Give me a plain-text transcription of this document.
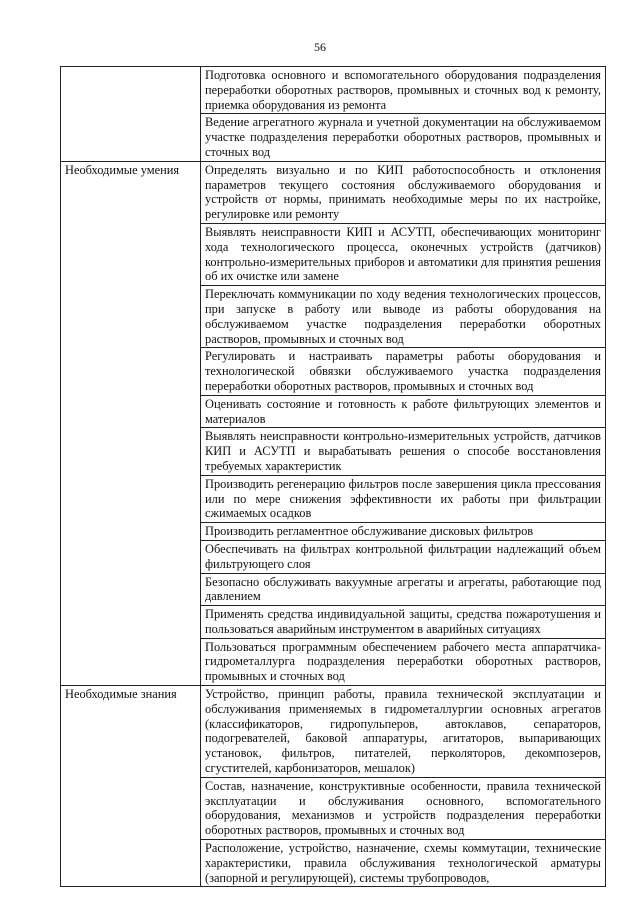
56
	Подготовка основного и вспомогательного оборудования подразделения переработки оборотных растворов, промывных и сточных вод к ремонту, приемка оборудования из ремонта
	Ведение агрегатного журнала и учетной документации на обслуживаемом участке подразделения переработки оборотных растворов, промывных и сточных вод
Необходимые умения	Определять визуально и по КИП работоспособность и отклонения параметров текущего состояния обслуживаемого оборудования и устройств от нормы, принимать необходимые меры по их настройке, регулировке или ремонту
	Выявлять неисправности КИП и АСУТП, обеспечивающих мониторинг хода технологического процесса, оконечных устройств (датчиков) контрольно-измерительных приборов и автоматики для принятия решения об их очистке или замене
	Переключать коммуникации по ходу ведения технологических процессов, при запуске в работу или выводе из работы оборудования на обслуживаемом участке подразделения переработки оборотных растворов, промывных и сточных вод
	Регулировать и настраивать параметры работы оборудования и технологической обвязки обслуживаемого участка подразделения переработки оборотных растворов, промывных и сточных вод
	Оценивать состояние и готовность к работе фильтрующих элементов и материалов
	Выявлять неисправности контрольно-измерительных устройств, датчиков КИП и АСУТП и вырабатывать решения о способе восстановления требуемых характеристик
	Производить регенерацию фильтров после завершения цикла прессования или по мере снижения эффективности их работы при фильтрации сжимаемых осадков
	Производить регламентное обслуживание дисковых фильтров
	Обеспечивать на фильтрах контрольной фильтрации надлежащий объем фильтрующего слоя
	Безопасно обслуживать вакуумные агрегаты и агрегаты, работающие под давлением
	Применять средства индивидуальной защиты, средства пожаротушения и пользоваться аварийным инструментом в аварийных ситуациях
	Пользоваться программным обеспечением рабочего места аппаратчика-гидрометаллурга подразделения переработки оборотных растворов, промывных и сточных вод
Необходимые знания	Устройство, принцип работы, правила технической эксплуатации и обслуживания применяемых в гидрометаллургии основных агрегатов (классификаторов, гидропульперов, автоклавов, сепараторов, подогревателей, баковой аппаратуры, агитаторов, выпаривающих установок, фильтров, питателей, перколяторов, декомпозеров, сгустителей, карбонизаторов, мешалок)
	Состав, назначение, конструктивные особенности, правила технической эксплуатации и обслуживания основного, вспомогательного оборудования, механизмов и устройств подразделения переработки оборотных растворов, промывных и сточных вод
	Расположение, устройство, назначение, схемы коммутации, технические характеристики, правила обслуживания технологической арматуры (запорной и регулирующей), системы трубопроводов,
